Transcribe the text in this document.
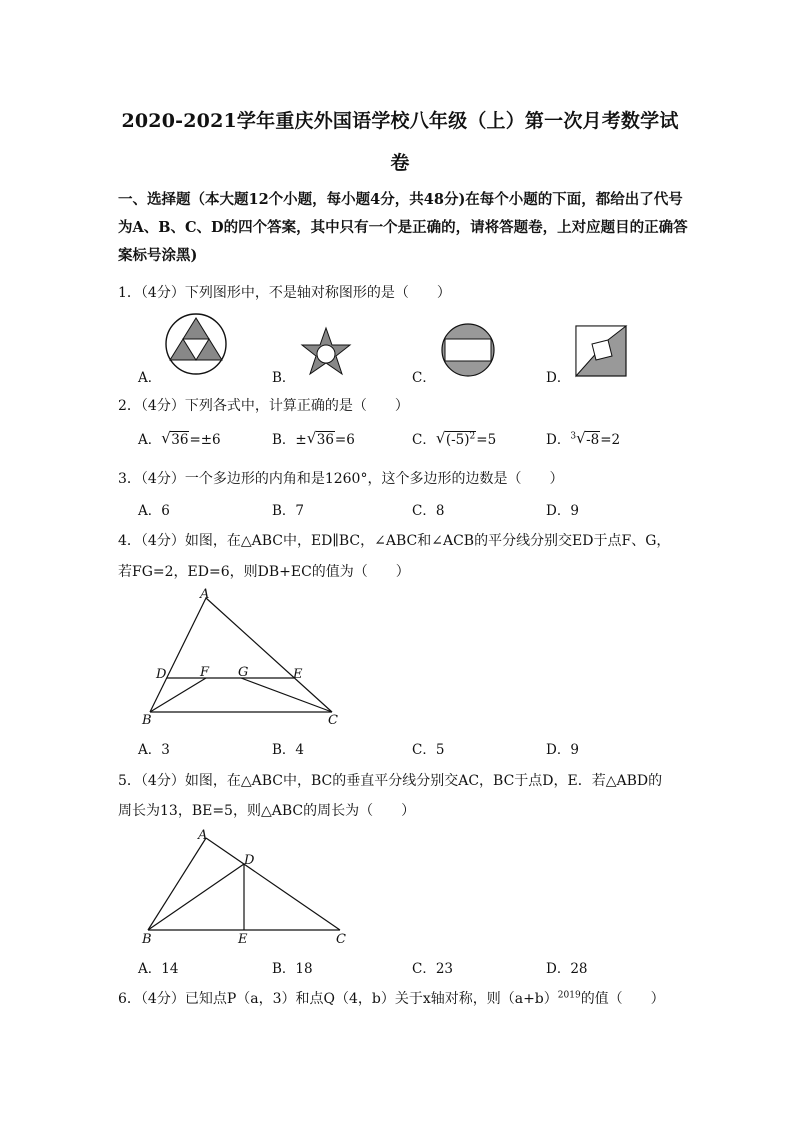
2020-2021学年重庆外国语学校八年级（上）第一次月考数学试
卷
一、选择题（本大题12个小题，每小题4分，共48分)在每个小题的下面，都给出了代号
为A、B、C、D的四个答案，其中只有一个是正确的，请将答题卷，上对应题目的正确答
案标号涂黑)
1．（4分）下列图形中，不是轴对称图形的是（　　）
A．	B．	C．	D．
2．（4分）下列各式中，计算正确的是（　　）
A． √ 36=±6	B．± √ 36=6	C． √ $(-5)^2=5$	D．$^3$ √ -8=2
3．（4分）一个多边形的内角和是1260°，这个多边形的边数是（　　）
A．6	B．7	C．8	D．9
4．（4分）如图，在△ABC中，ED∥BC，∠ABC和∠ACB的平分线分别交ED于点F、G，
若FG=2，ED=6，则DB+EC的值为（　　）
A
B	C
D	E
F G
A．3	B．4	C．5	D．9
5．（4分）如图，在△ABC中，BC的垂直平分线分别交AC，BC于点D，E．若△ABD的
周长为13，BE=5，则△ABC的周长为（　　）
A
B	C
D
E
A．14	B．18	C．23	D．28
6．（4分）已知点P（a，3）和点Q（4，b）关于x轴对称，则$(a+b)^{2019}$的值（　　）
